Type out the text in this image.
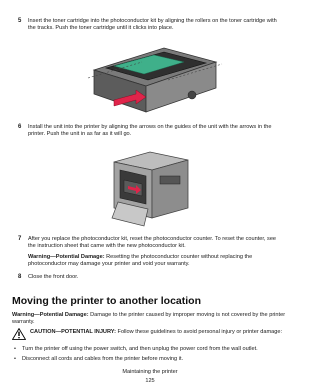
5	Insert the toner cartridge into the photoconductor kit by aligning the rollers on the toner cartridge with the tracks. Push the toner cartridge until it clicks into place.
6	Install the unit into the printer by aligning the arrows on the guides of the unit with the arrows in the printer. Push the unit in as far as it will go.
7	After you replace the photoconductor kit, reset the photoconductor counter. To reset the counter, see the instruction sheet that came with the new photoconductor kit.
Warning—Potential Damage: Resetting the photoconductor counter without replacing the photoconductor may damage your printer and void your warranty.
8	Close the front door.
Moving the printer to another location
Warning—Potential Damage: Damage to the printer caused by improper moving is not covered by the printer warranty.
CAUTION—POTENTIAL INJURY: Follow these guidelines to avoid personal injury or printer damage:
•	Turn the printer off using the power switch, and then unplug the power cord from the wall outlet.
•	Disconnect all cords and cables from the printer before moving it.
Maintaining the printer
125
